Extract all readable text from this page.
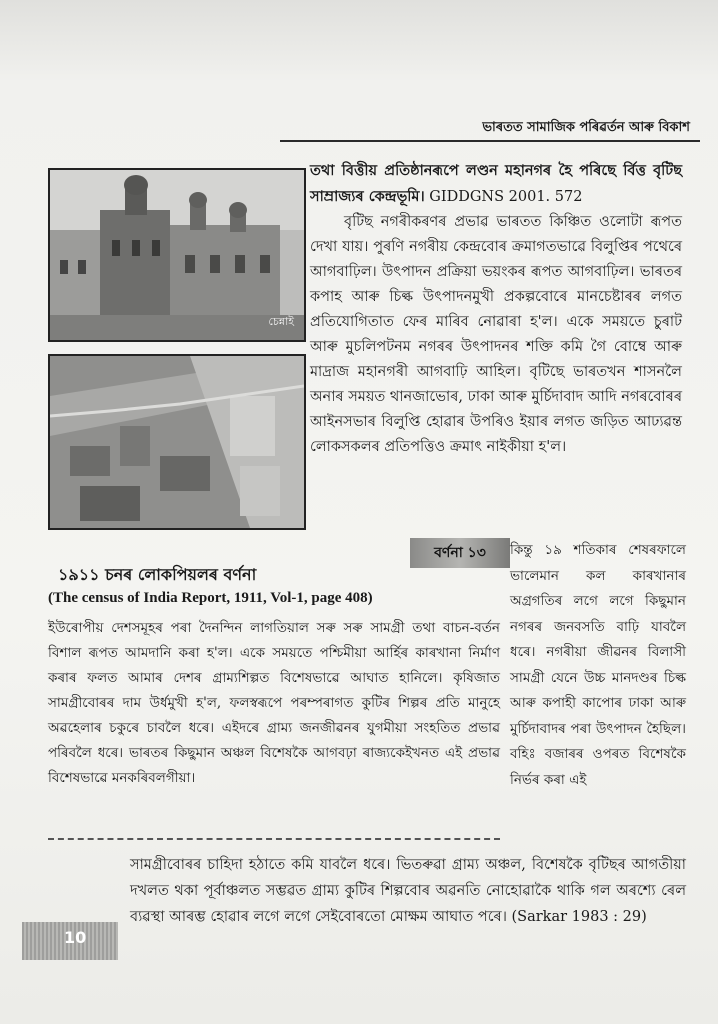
ভাৰতত সামাজিক পৰিৱৰ্তন আৰু বিকাশ
চেন্নাই

তথা বিত্তীয় প্ৰতিষ্ঠানৰূপে লণ্ডন মহানগৰ হৈ পৰিছে ৰ্বিত্ত বৃটিছ সাম্ৰাজ্যৰ কেন্দ্ৰভূমি। GIDDGNS 2001. 572

বৃটিছ নগৰীকৰণৰ প্ৰভাৱ ভাৰতত কিঞ্চিত ওলোটা ৰূপত দেখা যায়। পুৰণি নগৰীয় কেন্দ্ৰবোৰ ক্ৰমাগতভাৱে বিলুপ্তিৰ পথেৰে আগবাঢ়িল। উৎপাদন প্ৰক্ৰিয়া ভয়ংকৰ ৰূপত আগবাঢ়িল। ভাৰতৰ কপাহ আৰু চিল্ক উৎপাদনমুখী প্ৰকল্পবোৰে মানচেষ্টাৰৰ লগত প্ৰতিযোগিতাত ফেৰ মাৰিব নোৱাৰা হ'ল। একে সময়তে চুৰাট আৰু মুচলিপটনম নগৰৰ উৎপাদনৰ শক্তি কমি গৈ বোম্বে আৰু মাদ্ৰাজ মহানগৰী আগবাঢ়ি আহিল। বৃটিছে ভাৰতখন শাসনলৈ অনাৰ সময়ত থানজাভোৰ, ঢাকা আৰু মুৰ্চিদাবাদ আদি নগৰবোৰৰ আইনসভাৰ বিলুপ্তি হোৱাৰ উপৰিও ইয়াৰ লগত জড়িত আঢ্যৱন্ত লোকসকলৰ প্ৰতিপত্তিও ক্ৰমাৎ নাইকীয়া হ'ল।

বৰ্ণনা ১৩
১৯১১ চনৰ লোকপিয়লৰ বৰ্ণনা
(The census of India Report, 1911, Vol-1, page 408)
ইউৰোপীয় দেশসমূহৰ পৰা দৈনন্দিন লাগতিয়াল সৰু সৰু সামগ্ৰী তথা বাচন-বৰ্তন বিশাল ৰূপত আমদানি কৰা হ'ল। একে সময়তে পশ্চিমীয়া আৰ্হিৰ কাৰখানা নিৰ্মাণ কৰাৰ ফলত আমাৰ দেশৰ গ্ৰাম্যশিল্পত বিশেষভাৱে আঘাত হানিলে। কৃষিজাত সামগ্ৰীবোৰৰ দাম উৰ্ধমুখী হ'ল, ফলস্বৰূপে পৰম্পৰাগত কুটিৰ শিল্পৰ প্ৰতি মানুহে অৱহেলাৰ চকুৰে চাবলৈ ধৰে। এইদৰে গ্ৰাম্য জনজীৱনৰ যুগমীয়া সংহতিত প্ৰভাৱ পৰিবলৈ ধৰে। ভাৰতৰ কিছুমান অঞ্চল বিশেষকৈ আগবঢ়া ৰাজ্যকেইখনত এই প্ৰভাৱ বিশেষভাৱে মনকৰিবলগীয়া।
কিন্তু ১৯ শতিকাৰ শেষৰফালে ভালেমান কল কাৰখানাৰ অগ্ৰগতিৰ লগে লগে কিছুমান নগৰৰ জনবসতি বাঢ়ি যাবলৈ ধৰে। নগৰীয়া জীৱনৰ বিলাসী সামগ্ৰী যেনে উচ্চ মানদণ্ডৰ চিল্ক আৰু কপাহী কাপোৰ ঢাকা আৰু মুৰ্চিদাবাদৰ পৰা উৎপাদন হৈছিল। বহিঃ বজাৰৰ ওপৰত বিশেষকৈ নিৰ্ভৰ কৰা এই
সামগ্ৰীবোৰৰ চাহিদা হঠাতে কমি যাবলৈ ধৰে। ভিতৰুৱা গ্ৰাম্য অঞ্চল, বিশেষকৈ বৃটিছৰ আগতীয়া দখলত থকা পূৰ্বাঞ্চলত সম্ভৱত গ্ৰাম্য কুটিৰ শিল্পবোৰ অৱনতি নোহোৱাকৈ থাকি গল অৰশ্যে ৰেল ব্যৱস্থা আৰম্ভ হোৱাৰ লগে লগে সেইবোৰতো মোক্ষম আঘাত পৰে। (Sarkar 1983 : 29)
10
